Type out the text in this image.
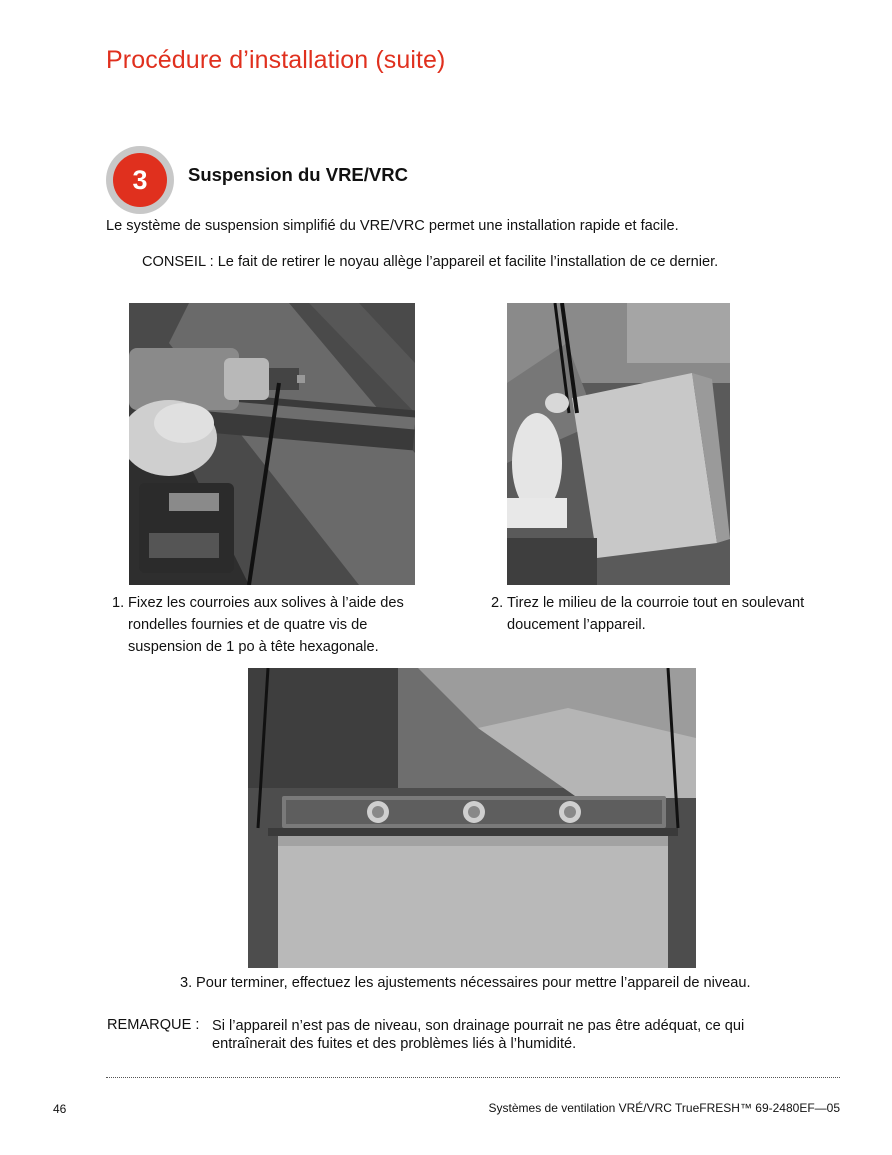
Procédure d’installation (suite)
3	Suspension du VRE/VRC

Le système de suspension simplifié du VRE/VRC permet une installation rapide et facile.

CONSEIL : Le fait de retirer le noyau allège l’appareil et facilite l’installation de ce dernier.

1. Fixez les courroies aux solives à l’aide des rondelles fournies et de quatre vis de suspension de 1 po à tête hexagonale.
2. Tirez le milieu de la courroie tout en soulevant doucement l’appareil.
3. Pour terminer, effectuez les ajustements nécessaires pour mettre l’appareil de niveau.
REMARQUE : Si l’appareil n’est pas de niveau, son drainage pourrait ne pas être adéquat, ce qui entraînerait des fuites et des problèmes liés à l’humidité.
46	Systèmes de ventilation VRÉ/VRC TrueFRESH™ 69-2480EF—05
